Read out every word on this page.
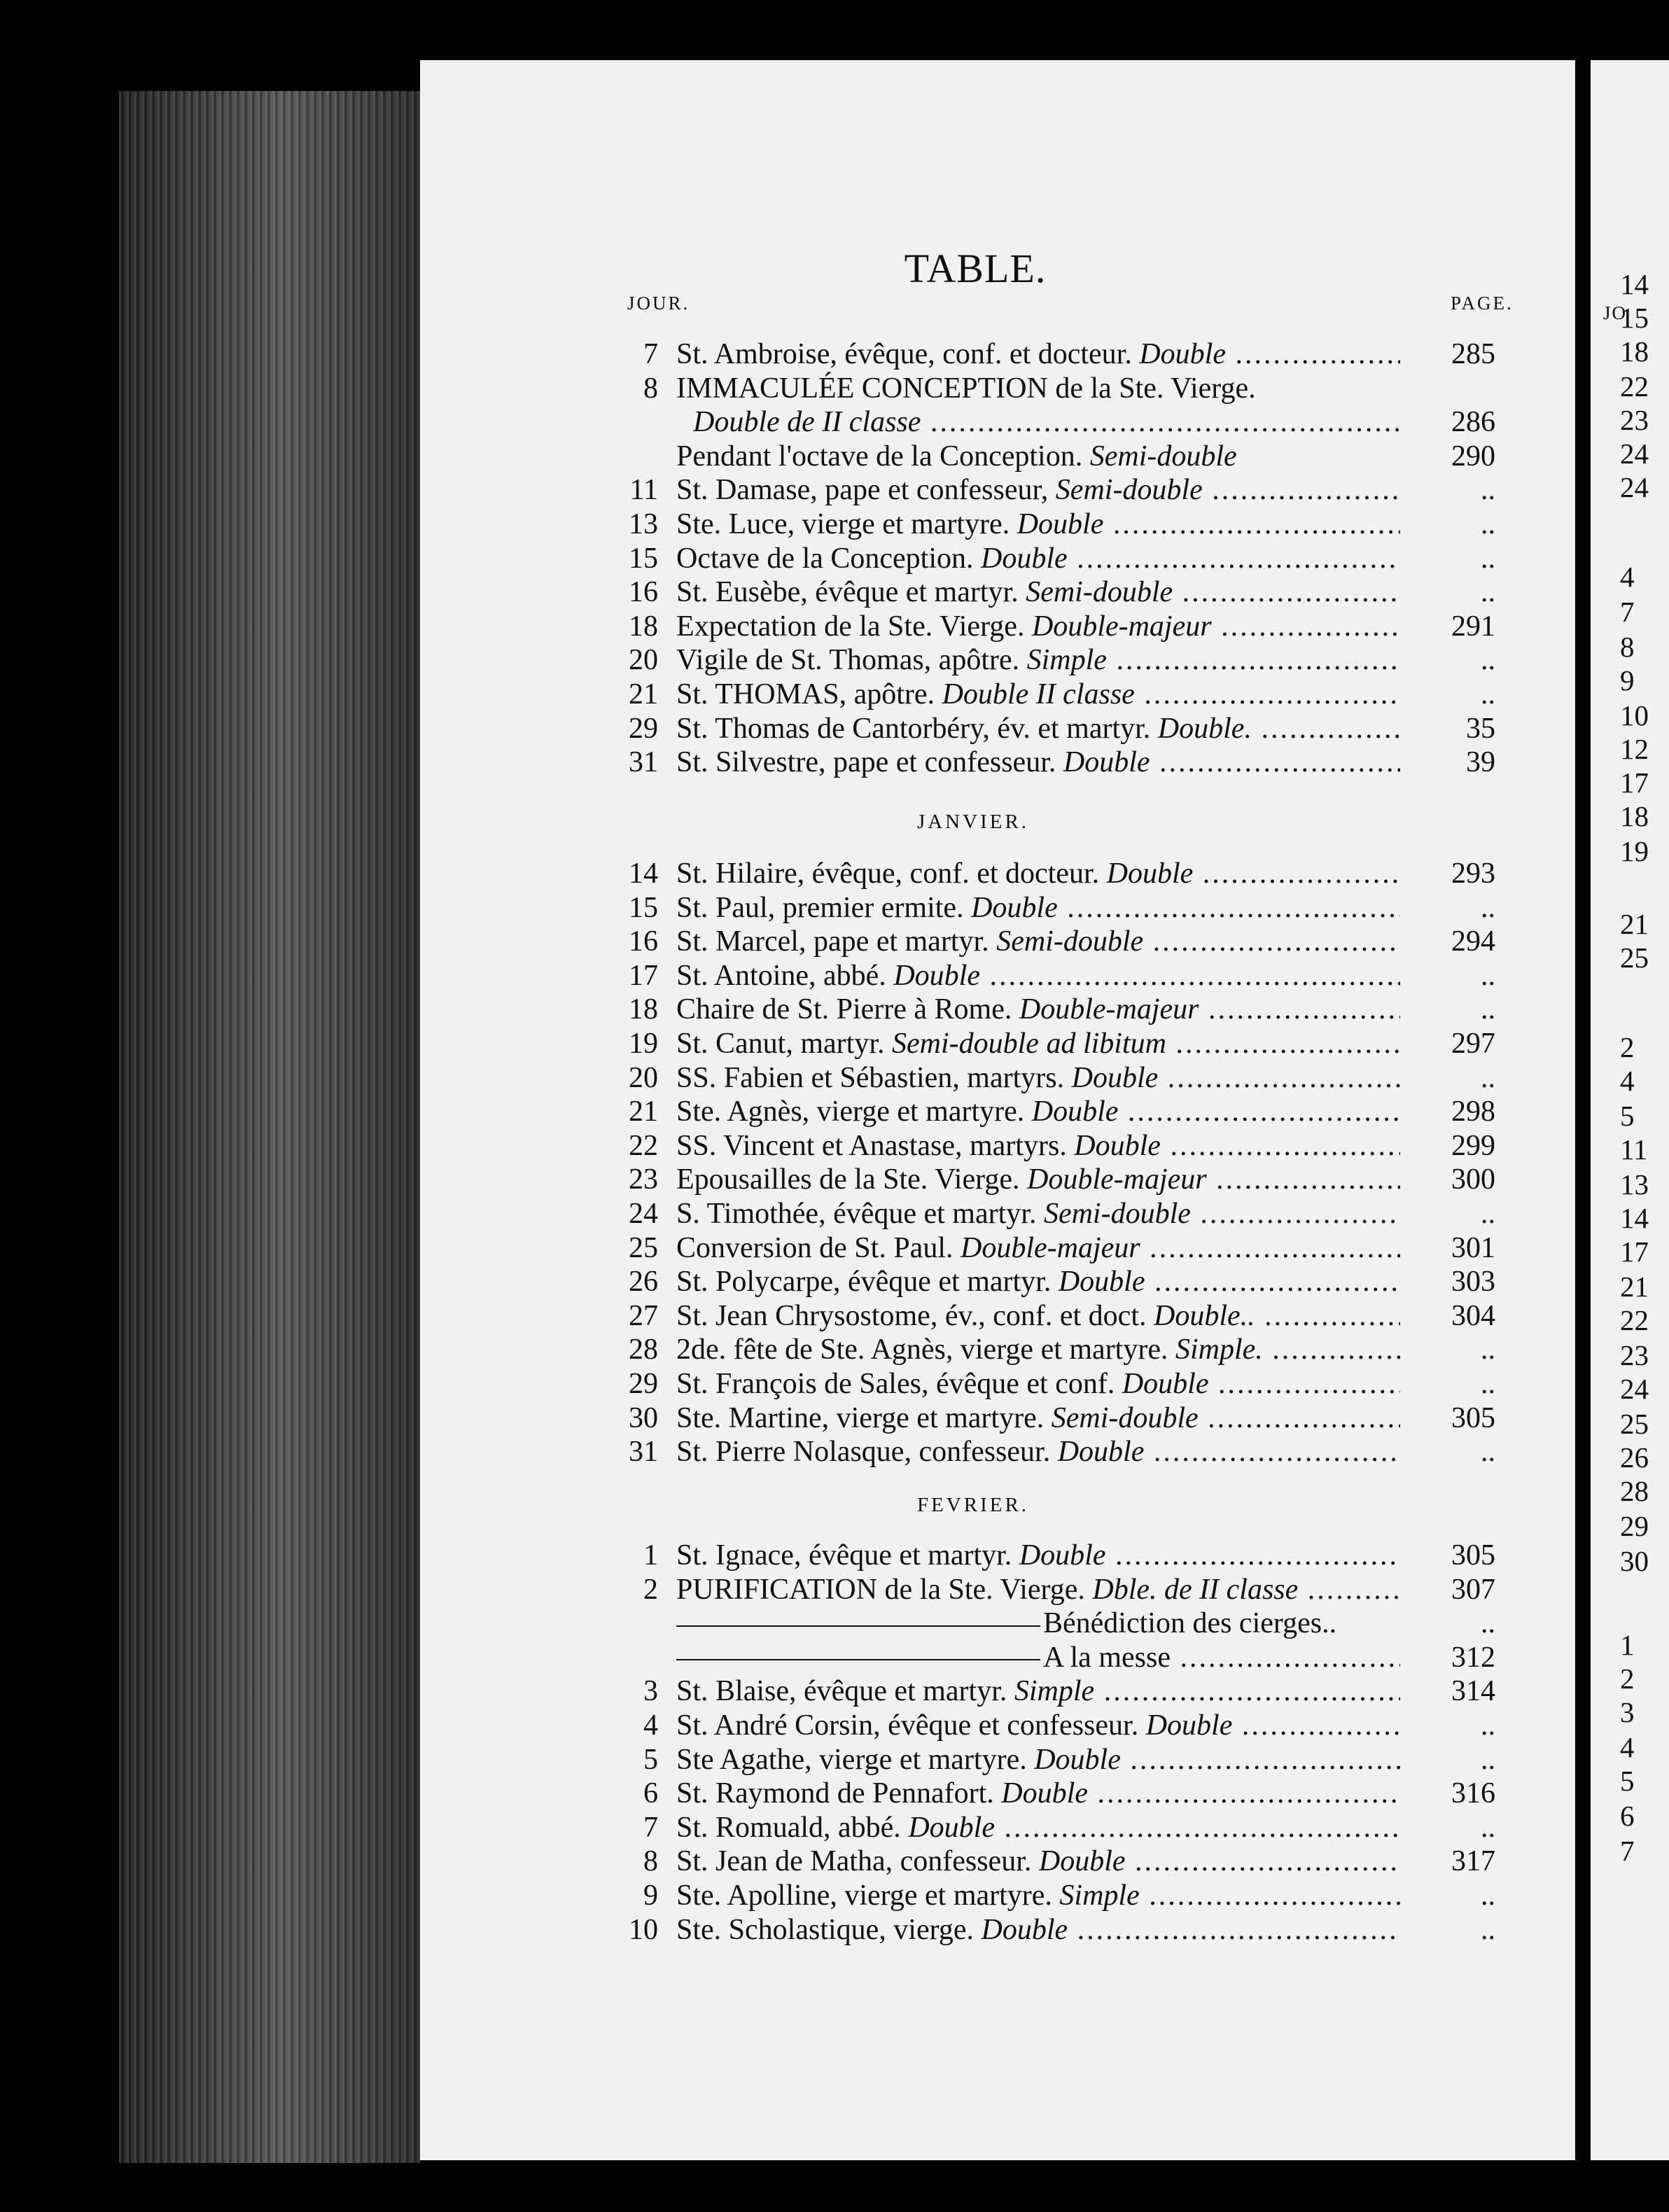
TABLE.
JOUR.	PAGE.
7 St. Ambroise, évêque, conf. et docteur. Double .....	285
8 IMMACULÉE CONCEPTION de la Ste. Vierge.
Double de II classe .....	286
Pendant l'octave de la Conception. Semi-double	290
11 St. Damase, pape et confesseur, Semi-double .....	..
13 Ste. Luce, vierge et martyre. Double .....	..
15 Octave de la Conception. Double .....	..
16 St. Eusèbe, évêque et martyr. Semi-double .....	..
18 Expectation de la Ste. Vierge. Double-majeur .....	291
20 Vigile de St. Thomas, apôtre. Simple .....	..
21 St. THOMAS, apôtre. Double II classe .....	..
29 St. Thomas de Cantorbéry, év. et martyr. Double. .....	35
31 St. Silvestre, pape et confesseur. Double .....	39
JANVIER.
14 St. Hilaire, évêque, conf. et docteur. Double .....	293
15 St. Paul, premier ermite. Double .....	..
16 St. Marcel, pape et martyr. Semi-double .....	294
17 St. Antoine, abbé. Double .....	..
18 Chaire de St. Pierre à Rome. Double-majeur .....	..
19 St. Canut, martyr. Semi-double ad libitum .....	297
20 SS. Fabien et Sébastien, martyrs. Double .....	..
21 Ste. Agnès, vierge et martyre. Double .....	298
22 SS. Vincent et Anastase, martyrs. Double .....	299
23 Epousailles de la Ste. Vierge. Double-majeur .....	300
24 S. Timothée, évêque et martyr. Semi-double .....	..
25 Conversion de St. Paul. Double-majeur .....	301
26 St. Polycarpe, évêque et martyr. Double .....	303
27 St. Jean Chrysostome, év., conf. et doct. Double.. .....	304
28 2de. fête de Ste. Agnès, vierge et martyre. Simple. .....	..
29 St. François de Sales, évêque et conf. Double .....	..
30 Ste. Martine, vierge et martyre. Semi-double .....	305
31 St. Pierre Nolasque, confesseur. Double .....	..
FEVRIER.
1 St. Ignace, évêque et martyr. Double .....	305
2 PURIFICATION de la Ste. Vierge. Dble. de II classe .....	307
Bénédiction des cierges..	..
A la messe .....	312
3 St. Blaise, évêque et martyr. Simple .....	314
4 St. André Corsin, évêque et confesseur. Double .....	..
5 Ste Agathe, vierge et martyre. Double .....	..
6 St. Raymond de Pennafort. Double .....	316
7 St. Romuald, abbé. Double .....	..
8 St. Jean de Matha, confesseur. Double .....	317
9 Ste. Apolline, vierge et martyre. Simple .....	..
10 Ste. Scholastique, vierge. Double .....	..
JO
14
15
18
22
23
24
24
4
7
8
9
10
12
17
18
19
21
25
2
4
5
11
13
14
17
21
22
23
24
25
26
28
29
30
1
2
3
4
5
6
7
